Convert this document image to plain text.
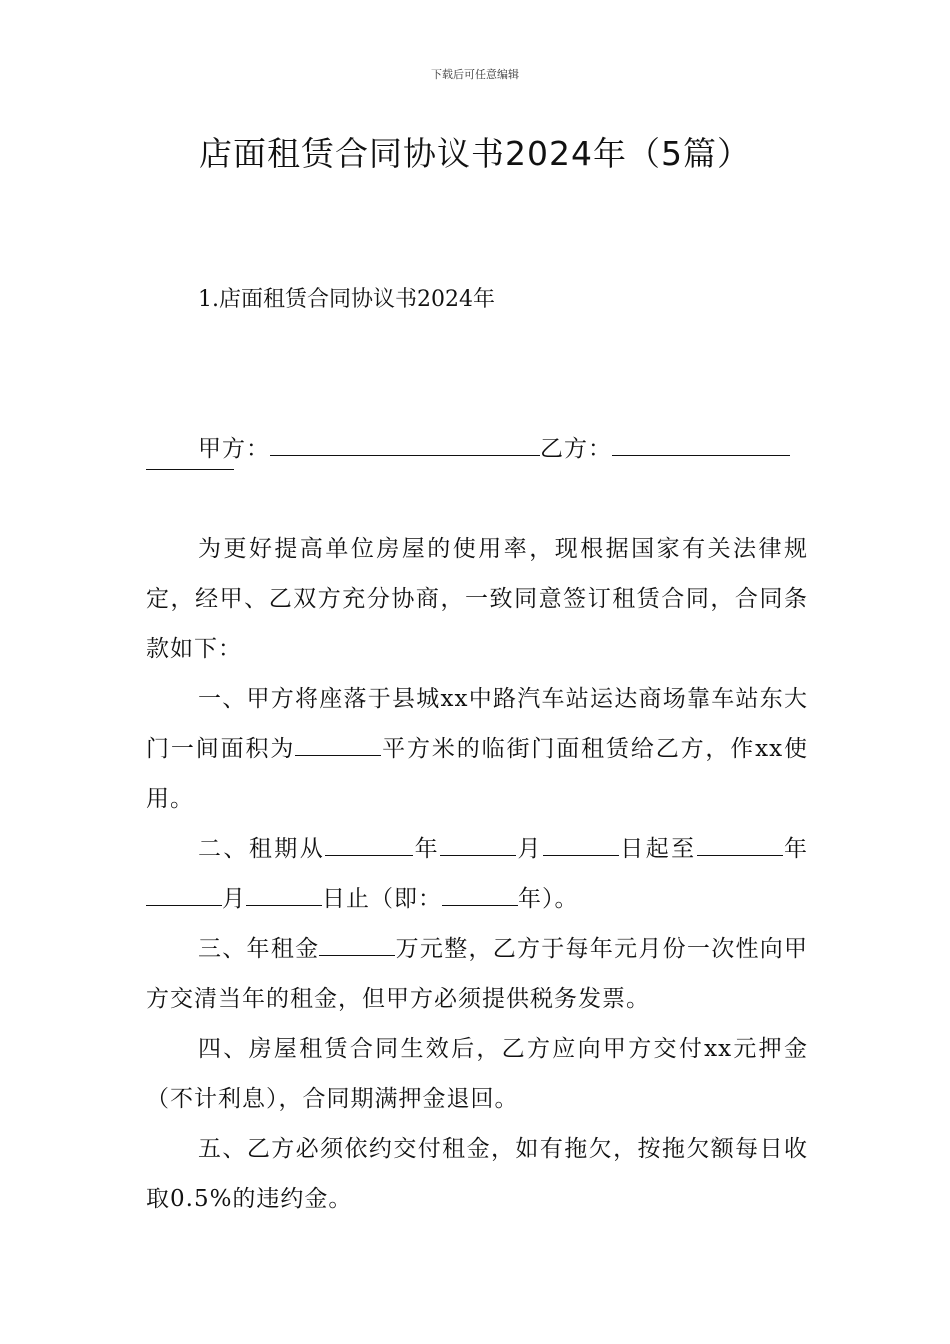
下载后可任意编辑
店面租赁合同协议书2024年（5篇）
1.店面租赁合同协议书2024年

甲方：	乙方：

为更好提高单位房屋的使用率，现根据国家有关法律规定，经甲、乙双方充分协商，一致同意签订租赁合同，合同条款如下：

一、甲方将座落于县城xx中路汽车站运达商场靠车站东大门一间面积为	平方米的临街门面租赁给乙方，作xx使用。

二、租期从	年	月	日起至	年月	日止（即：	年）。

三、年租金	万元整，乙方于每年元月份一次性向甲方交清当年的租金，但甲方必须提供税务发票。

四、房屋租赁合同生效后，乙方应向甲方交付xx元押金（不计利息），合同期满押金退回。

五、乙方必须依约交付租金，如有拖欠，按拖欠额每日收取0.5%的违约金。
